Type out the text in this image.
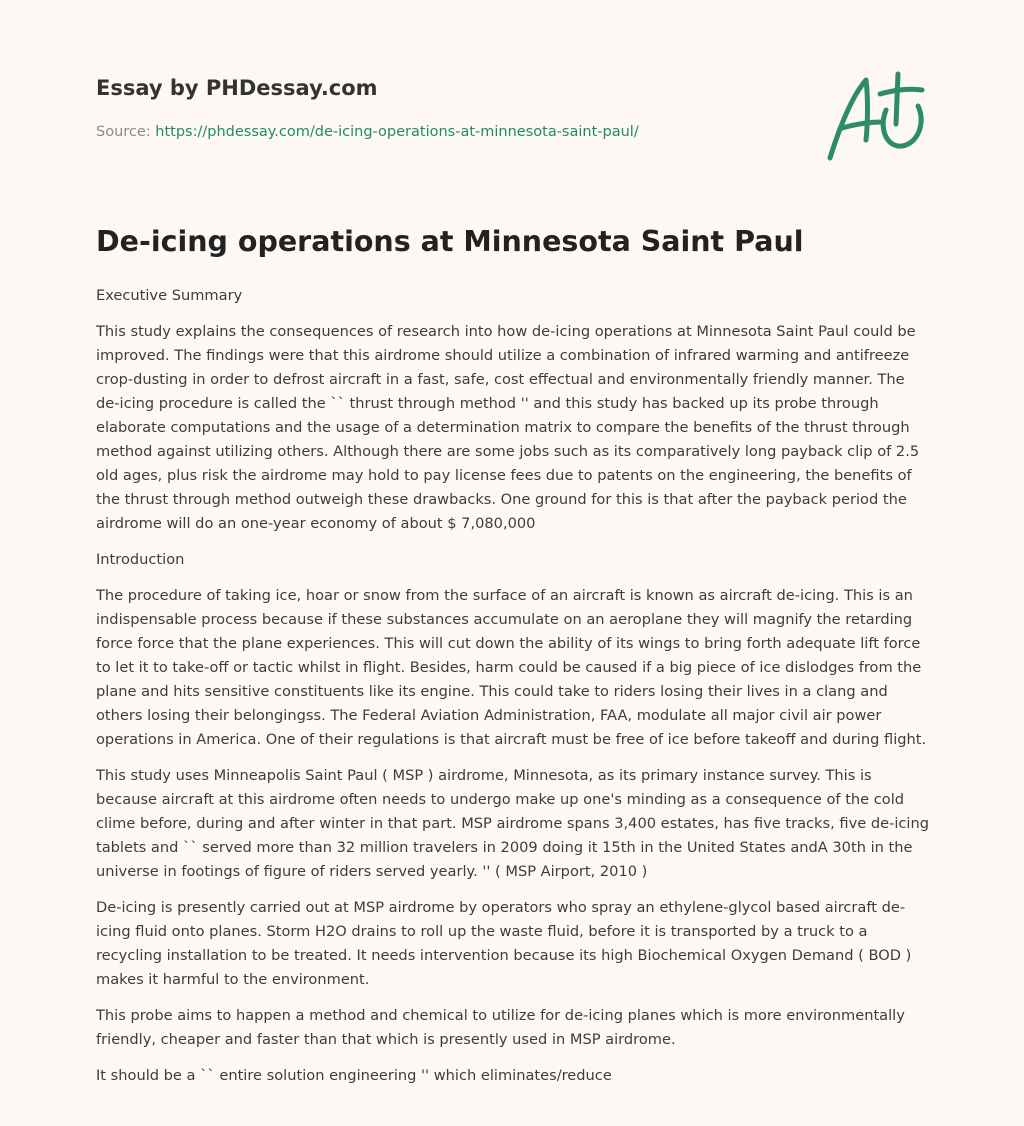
Essay by PHDessay.com
Source: https://phdessay.com/de-icing-operations-at-minnesota-saint-paul/
De-icing operations at Minnesota Saint Paul

Executive Summary

This study explains the consequences of research into how de-icing operations at Minnesota Saint Paul could be improved. The findings were that this airdrome should utilize a combination of infrared warming and antifreeze crop-dusting in order to defrost aircraft in a fast, safe, cost effectual and environmentally friendly manner. The de-icing procedure is called the `` thrust through method '' and this study has backed up its probe through elaborate computations and the usage of a determination matrix to compare the benefits of the thrust through method against utilizing others. Although there are some jobs such as its comparatively long payback clip of 2.5 old ages, plus risk the airdrome may hold to pay license fees due to patents on the engineering, the benefits of the thrust through method outweigh these drawbacks. One ground for this is that after the payback period the airdrome will do an one-year economy of about $ 7,080,000

Introduction

The procedure of taking ice, hoar or snow from the surface of an aircraft is known as aircraft de-icing. This is an indispensable process because if these substances accumulate on an aeroplane they will magnify the retarding force force that the plane experiences. This will cut down the ability of its wings to bring forth adequate lift force to let it to take-off or tactic whilst in flight. Besides, harm could be caused if a big piece of ice dislodges from the plane and hits sensitive constituents like its engine. This could take to riders losing their lives in a clang and others losing their belongingss. The Federal Aviation Administration, FAA, modulate all major civil air power operations in America. One of their regulations is that aircraft must be free of ice before takeoff and during flight.

This study uses Minneapolis Saint Paul ( MSP ) airdrome, Minnesota, as its primary instance survey. This is because aircraft at this airdrome often needs to undergo make up one's minding as a consequence of the cold clime before, during and after winter in that part. MSP airdrome spans 3,400 estates, has five tracks, five de-icing tablets and `` served more than 32 million travelers in 2009 doing it 15th in the United States andA 30th in the universe in footings of figure of riders served yearly. '' ( MSP Airport, 2010 )

De-icing is presently carried out at MSP airdrome by operators who spray an ethylene-glycol based aircraft de-icing fluid onto planes. Storm H2O drains to roll up the waste fluid, before it is transported by a truck to a recycling installation to be treated. It needs intervention because its high Biochemical Oxygen Demand ( BOD ) makes it harmful to the environment.

This probe aims to happen a method and chemical to utilize for de-icing planes which is more environmentally friendly, cheaper and faster than that which is presently used in MSP airdrome.

It should be a `` entire solution engineering '' which eliminates/reduce
